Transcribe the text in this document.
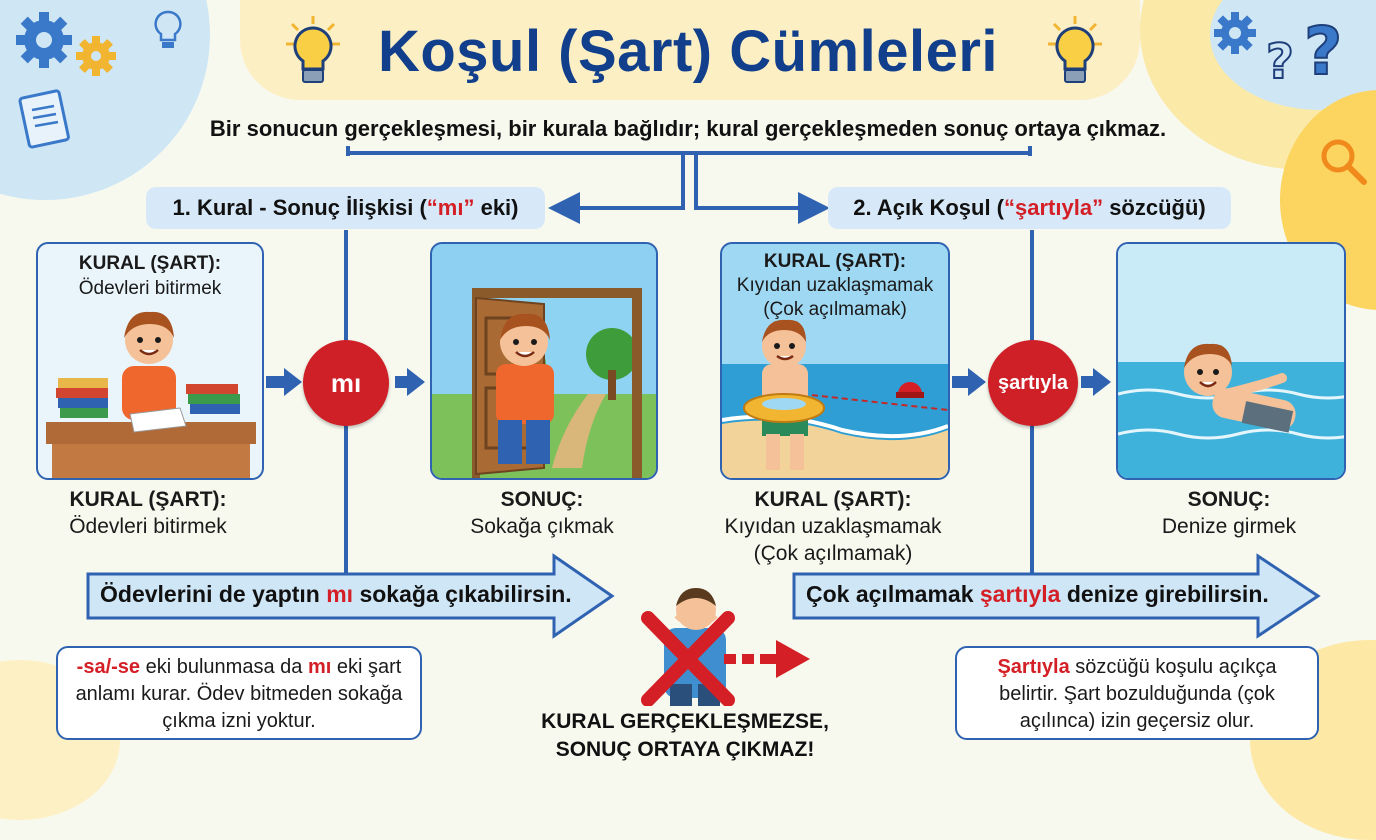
? ?
Koşul (Şart) Cümleleri
Bir sonucun gerçekleşmesi, bir kurala bağlıdır; kural gerçekleşmeden sonuç ortaya çıkmaz.
1. Kural - Sonuç İlişkisi (“mı” eki)	2. Açık Koşul (“şartıyla” sözcüğü)
KURAL (ŞART):
Ödevleri bitirmek
mı
KURAL (ŞART):
Ödevleri bitirmek
SONUÇ:
Sokağa çıkmak
Ödevlerini de yaptın mı sokağa çıkabilirsin.
-sa/-se eki bulunmasa da mı eki şart anlamı kurar. Ödev bitmeden sokağa çıkma izni yoktur.
KURAL (ŞART):
Kıyıdan uzaklaşmamak
(Çok açılmamak)
şartıyla
KURAL (ŞART):
Kıyıdan uzaklaşmamak
(Çok açılmamak)
SONUÇ:
Denize girmek
Çok açılmamak şartıyla denize girebilirsin.
Şartıyla sözcüğü koşulu açıkça belirtir. Şart bozulduğunda (çok açılınca) izin geçersiz olur.
KURAL GERÇEKLEŞMEZSE,
SONUÇ ORTAYA ÇIKMAZ!
